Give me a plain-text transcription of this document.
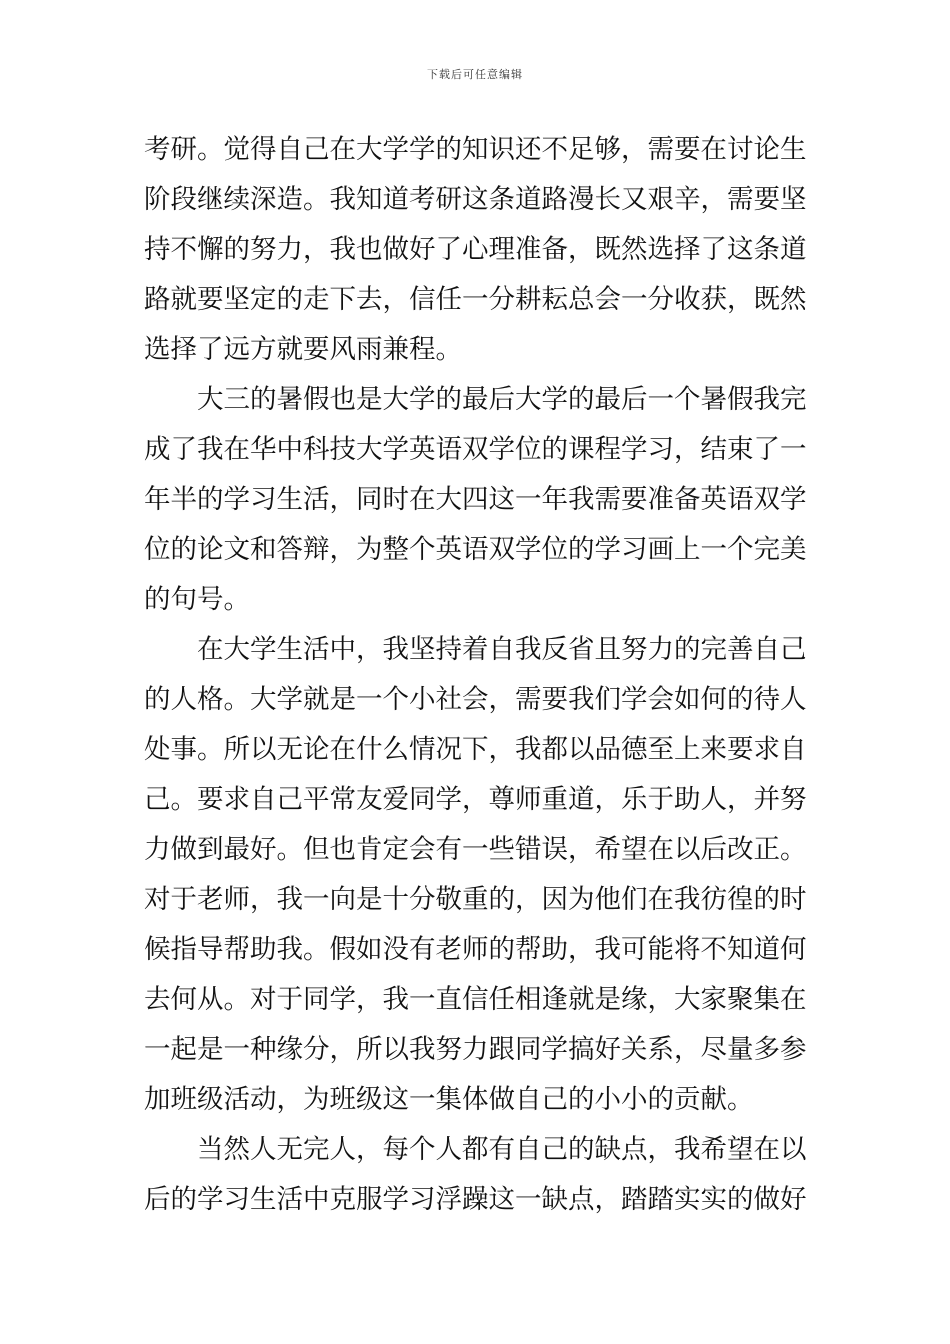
下载后可任意编辑
考研。觉得自己在大学学的知识还不足够，需要在讨论生
阶段继续深造。我知道考研这条道路漫长又艰辛，需要坚
持不懈的努力，我也做好了心理准备，既然选择了这条道
路就要坚定的走下去，信任一分耕耘总会一分收获，既然
选择了远方就要风雨兼程。
大三的暑假也是大学的最后大学的最后一个暑假我完
成了我在华中科技大学英语双学位的课程学习，结束了一
年半的学习生活，同时在大四这一年我需要准备英语双学
位的论文和答辩，为整个英语双学位的学习画上一个完美
的句号。
在大学生活中，我坚持着自我反省且努力的完善自己
的人格。大学就是一个小社会，需要我们学会如何的待人
处事。所以无论在什么情况下，我都以品德至上来要求自
己。要求自己平常友爱同学，尊师重道，乐于助人，并努
力做到最好。但也肯定会有一些错误，希望在以后改正。
对于老师，我一向是十分敬重的，因为他们在我彷徨的时
候指导帮助我。假如没有老师的帮助，我可能将不知道何
去何从。对于同学，我一直信任相逢就是缘，大家聚集在
一起是一种缘分，所以我努力跟同学搞好关系，尽量多参
加班级活动，为班级这一集体做自己的小小的贡献。
当然人无完人，每个人都有自己的缺点，我希望在以
后的学习生活中克服学习浮躁这一缺点，踏踏实实的做好
